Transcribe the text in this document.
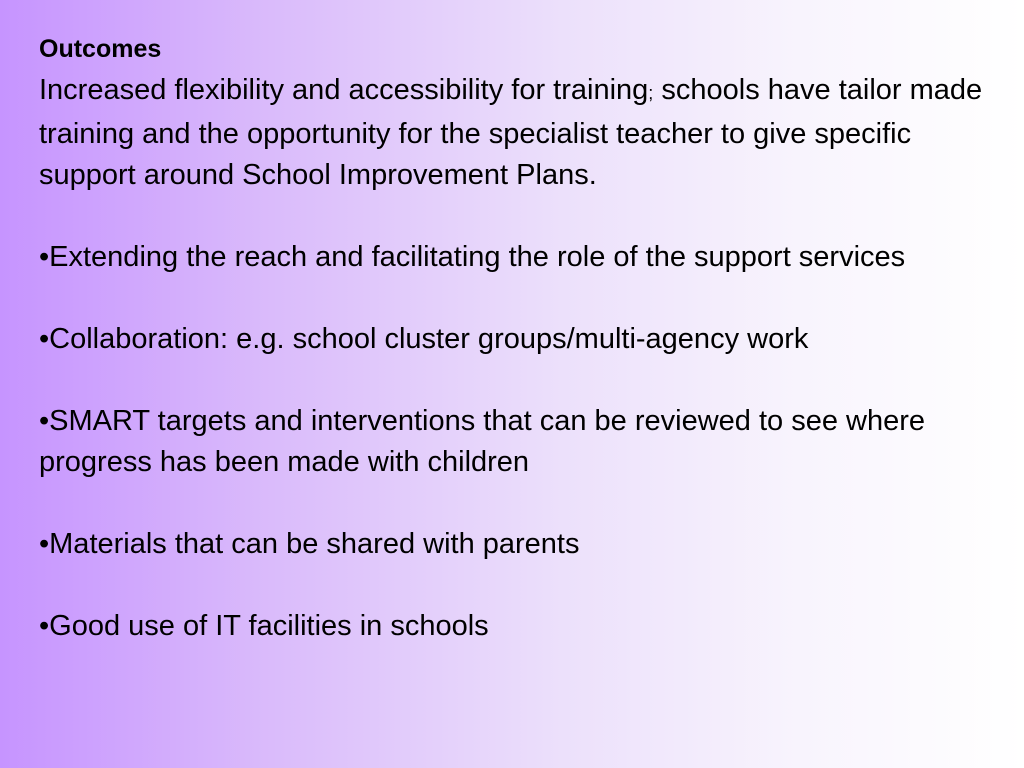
Outcomes

Increased flexibility and accessibility for training; schools have tailor made training and the opportunity for the specialist teacher to give specific support around School Improvement Plans.

•Extending the reach and facilitating the role of the support services

•Collaboration: e.g. school cluster groups/multi-agency work

•SMART targets and interventions that can be reviewed to see where progress has been made with children

•Materials that can be shared with parents

•Good use of IT facilities in schools
